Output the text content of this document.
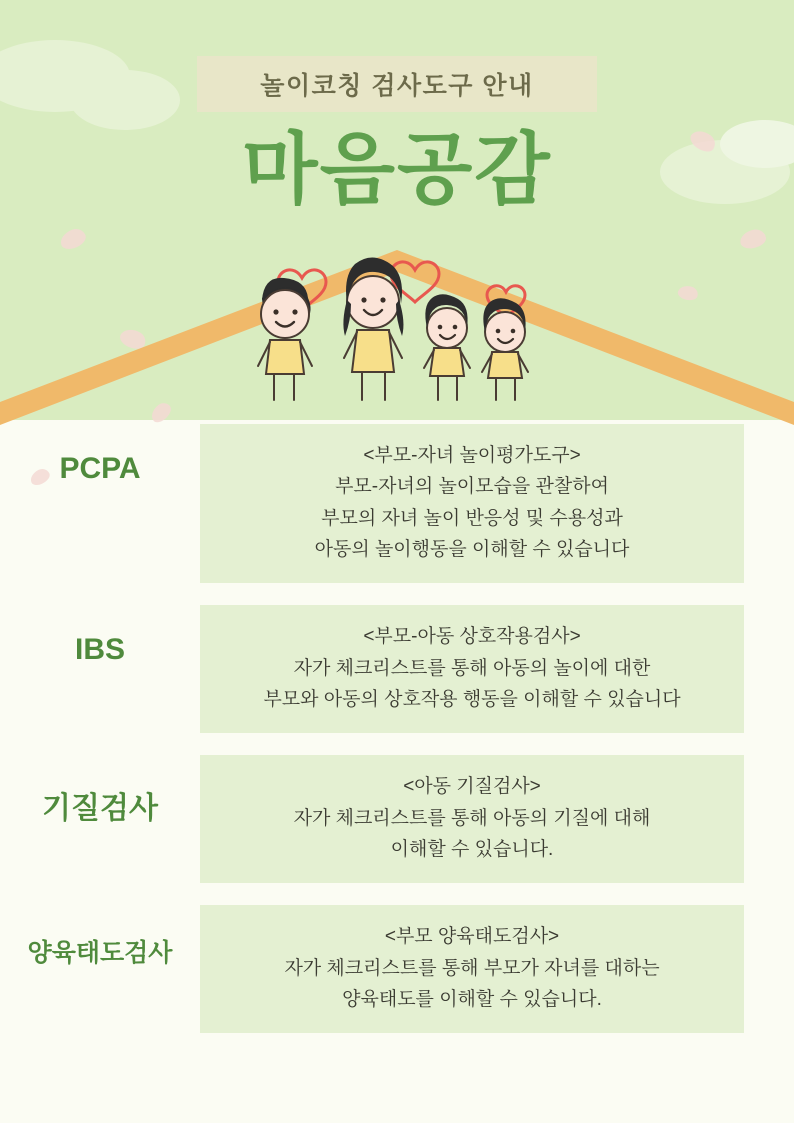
놀이코칭 검사도구 안내
마음공감
PCPA	<부모-자녀 놀이평가도구>
부모-자녀의 놀이모습을 관찰하여
부모의 자녀 놀이 반응성 및 수용성과
아동의 놀이행동을 이해할 수 있습니다
IBS	<부모-아동 상호작용검사>
자가 체크리스트를 통해 아동의 놀이에 대한
부모와 아동의 상호작용 행동을 이해할 수 있습니다
기질검사
<아동 기질검사>
자가 체크리스트를 통해 아동의 기질에 대해
이해할 수 있습니다.
양육태도검사
<부모 양육태도검사>
자가 체크리스트를 통해 부모가 자녀를 대하는
양육태도를 이해할 수 있습니다.
